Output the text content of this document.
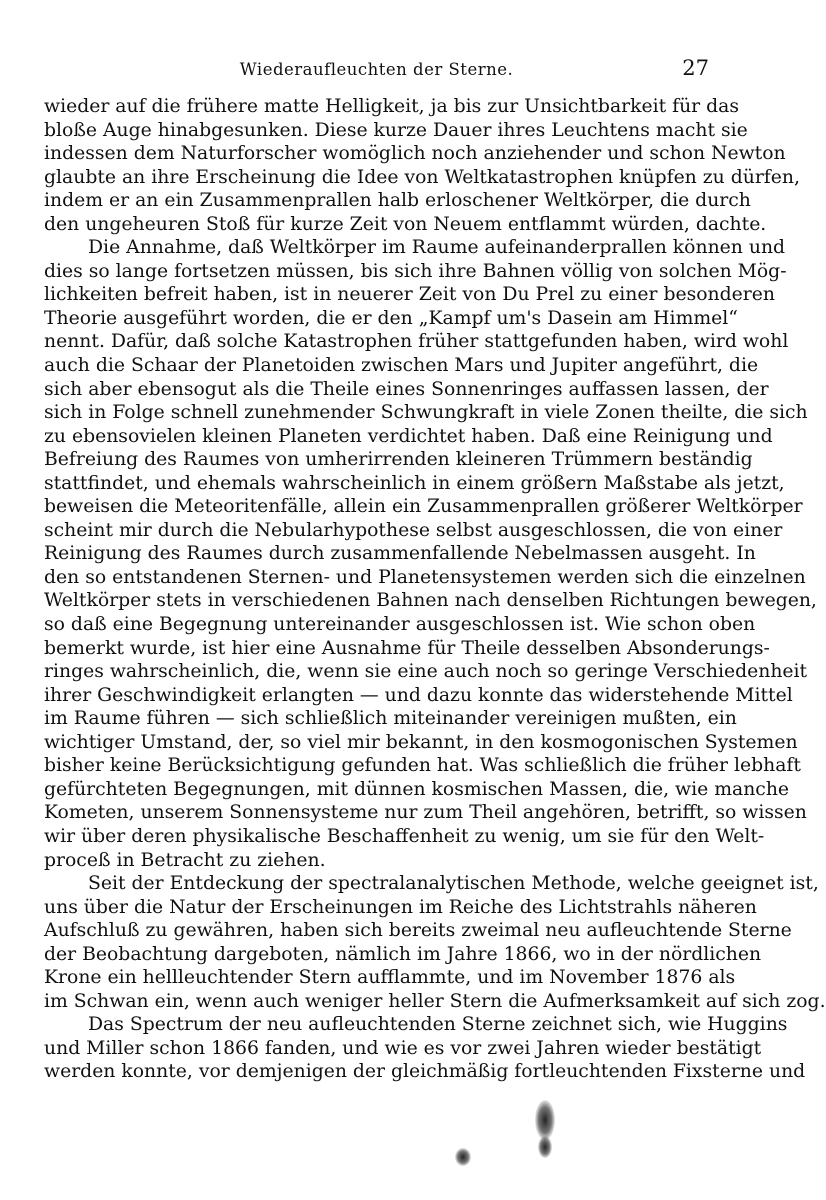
Wiederaufleuchten der Sterne.	27
wieder auf die frühere matte Helligkeit, ja bis zur Unsichtbarkeit für das
bloße Auge hinabgesunken. Diese kurze Dauer ihres Leuchtens macht sie
indessen dem Naturforscher womöglich noch anziehender und schon Newton
glaubte an ihre Erscheinung die Idee von Weltkatastrophen knüpfen zu dürfen,
indem er an ein Zusammenprallen halb erloschener Weltkörper, die durch
den ungeheuren Stoß für kurze Zeit von Neuem entflammt würden, dachte.
Die Annahme, daß Weltkörper im Raume aufeinanderprallen können und
dies so lange fortsetzen müssen, bis sich ihre Bahnen völlig von solchen Mög-
lichkeiten befreit haben, ist in neuerer Zeit von Du Prel zu einer besonderen
Theorie ausgeführt worden, die er den „Kampf um's Dasein am Himmel“
nennt. Dafür, daß solche Katastrophen früher stattgefunden haben, wird wohl
auch die Schaar der Planetoiden zwischen Mars und Jupiter angeführt, die
sich aber ebensogut als die Theile eines Sonnenringes auffassen lassen, der
sich in Folge schnell zunehmender Schwungkraft in viele Zonen theilte, die sich
zu ebensovielen kleinen Planeten verdichtet haben. Daß eine Reinigung und
Befreiung des Raumes von umherirrenden kleineren Trümmern beständig
stattfindet, und ehemals wahrscheinlich in einem größern Maßstabe als jetzt,
beweisen die Meteoritenfälle, allein ein Zusammenprallen größerer Weltkörper
scheint mir durch die Nebularhypothese selbst ausgeschlossen, die von einer
Reinigung des Raumes durch zusammenfallende Nebelmassen ausgeht. In
den so entstandenen Sternen- und Planetensystemen werden sich die einzelnen
Weltkörper stets in verschiedenen Bahnen nach denselben Richtungen bewegen,
so daß eine Begegnung untereinander ausgeschlossen ist. Wie schon oben
bemerkt wurde, ist hier eine Ausnahme für Theile desselben Absonderungs-
ringes wahrscheinlich, die, wenn sie eine auch noch so geringe Verschiedenheit
ihrer Geschwindigkeit erlangten — und dazu konnte das widerstehende Mittel
im Raume führen — sich schließlich miteinander vereinigen mußten, ein
wichtiger Umstand, der, so viel mir bekannt, in den kosmogonischen Systemen
bisher keine Berücksichtigung gefunden hat. Was schließlich die früher lebhaft
gefürchteten Begegnungen, mit dünnen kosmischen Massen, die, wie manche
Kometen, unserem Sonnensysteme nur zum Theil angehören, betrifft, so wissen
wir über deren physikalische Beschaffenheit zu wenig, um sie für den Welt-
proceß in Betracht zu ziehen.
Seit der Entdeckung der spectralanalytischen Methode, welche geeignet ist,
uns über die Natur der Erscheinungen im Reiche des Lichtstrahls näheren
Aufschluß zu gewähren, haben sich bereits zweimal neu aufleuchtende Sterne
der Beobachtung dargeboten, nämlich im Jahre 1866, wo in der nördlichen
Krone ein hellleuchtender Stern aufflammte, und im November 1876 als
im Schwan ein, wenn auch weniger heller Stern die Aufmerksamkeit auf sich zog.
Das Spectrum der neu aufleuchtenden Sterne zeichnet sich, wie Huggins
und Miller schon 1866 fanden, und wie es vor zwei Jahren wieder bestätigt
werden konnte, vor demjenigen der gleichmäßig fortleuchtenden Fixsterne und
